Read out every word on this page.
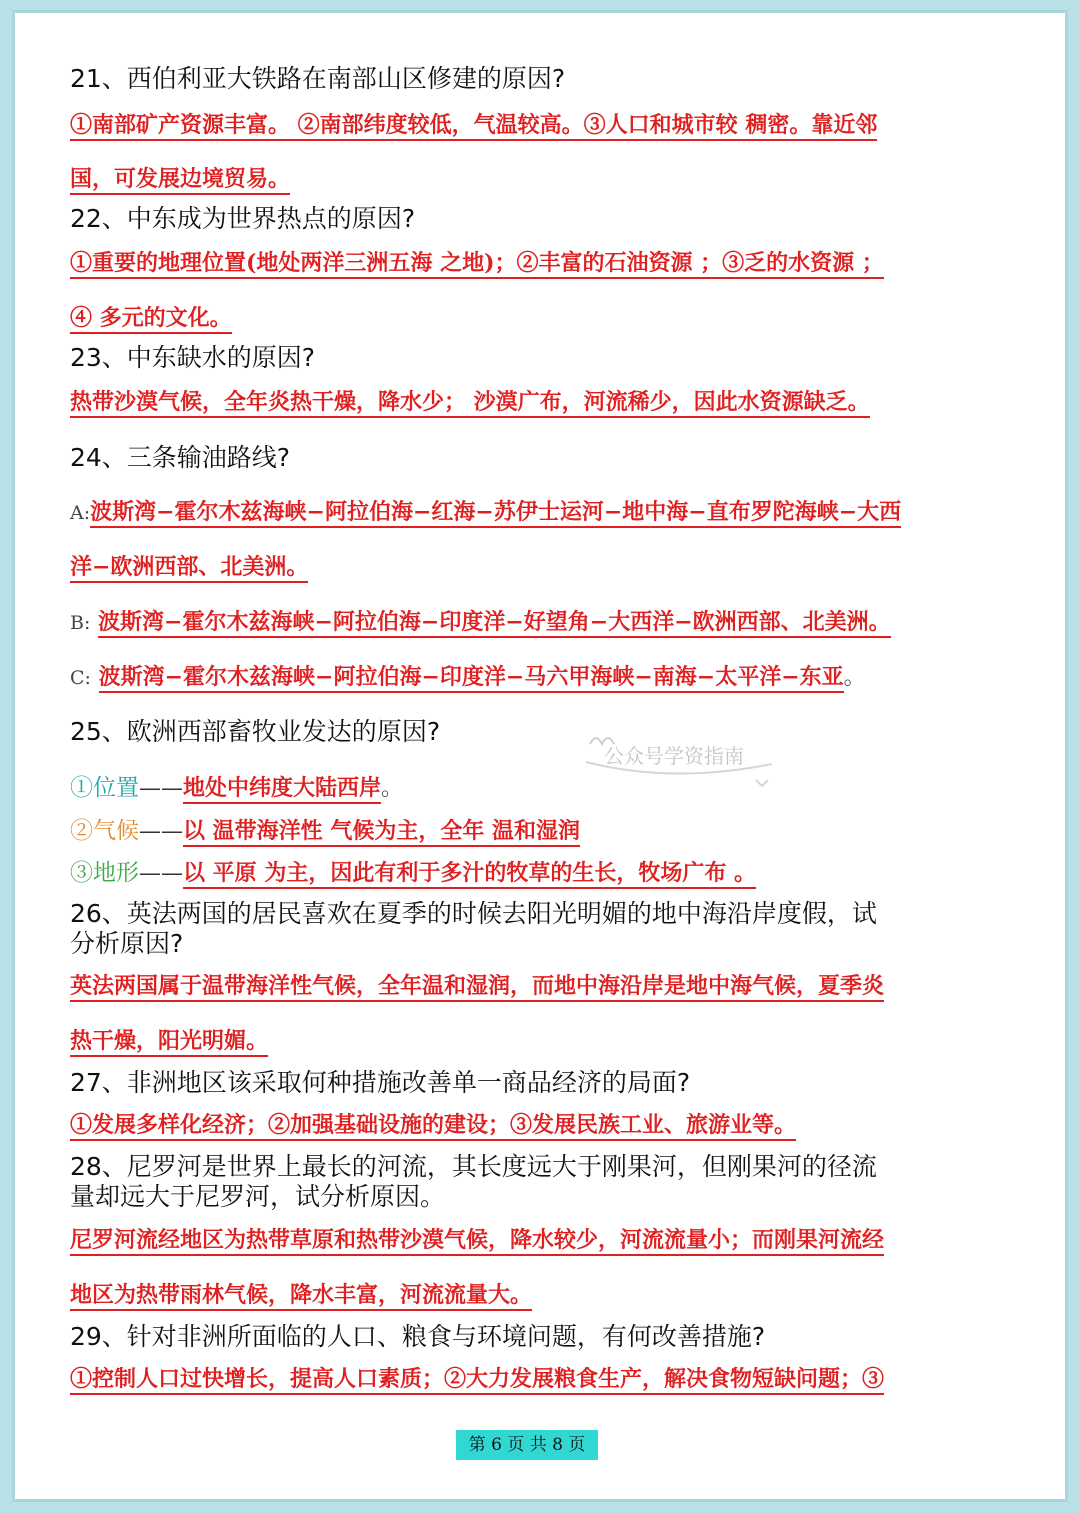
21、西伯利亚大铁路在南部山区修建的原因?
①南部矿产资源丰富。 ②南部纬度较低，气温较高。③人口和城市较 稠密。靠近邻
国，可发展边境贸易。
22、中东成为世界热点的原因?
①重要的地理位置(地处两洋三洲五海 之地)；②丰富的石油资源 ；③乏的水资源 ；
④ 多元的文化。
23、中东缺水的原因?
热带沙漠气候，全年炎热干燥，降水少； 沙漠广布，河流稀少，因此水资源缺乏。
24、三条输油路线?
A:波斯湾−霍尔木兹海峡−阿拉伯海−红海−苏伊士运河−地中海−直布罗陀海峡−大西
洋−欧洲西部、北美洲。
B: 波斯湾−霍尔木兹海峡−阿拉伯海−印度洋−好望角−大西洋−欧洲西部、北美洲。
C: 波斯湾−霍尔木兹海峡−阿拉伯海−印度洋−马六甲海峡−南海−太平洋−东亚。
25、欧洲西部畜牧业发达的原因?
①位置——地处中纬度大陆西岸。
②气候——以 温带海洋性 气候为主，全年 温和湿润
③地形——以 平原 为主，因此有利于多汁的牧草的生长，牧场广布 。
26、英法两国的居民喜欢在夏季的时候去阳光明媚的地中海沿岸度假，试
分析原因?
英法两国属于温带海洋性气候，全年温和湿润，而地中海沿岸是地中海气候，夏季炎
热干燥，阳光明媚。
27、非洲地区该采取何种措施改善单一商品经济的局面?
①发展多样化经济；②加强基础设施的建设；③发展民族工业、旅游业等。
28、尼罗河是世界上最长的河流，其长度远大于刚果河，但刚果河的径流
量却远大于尼罗河，试分析原因。
尼罗河流经地区为热带草原和热带沙漠气候，降水较少，河流流量小；而刚果河流经
地区为热带雨林气候，降水丰富，河流流量大。
29、针对非洲所面临的人口、粮食与环境问题，有何改善措施?
①控制人口过快增长，提高人口素质；②大力发展粮食生产，解决食物短缺问题；③
公众号学资指南
第 6 页 共 8 页
